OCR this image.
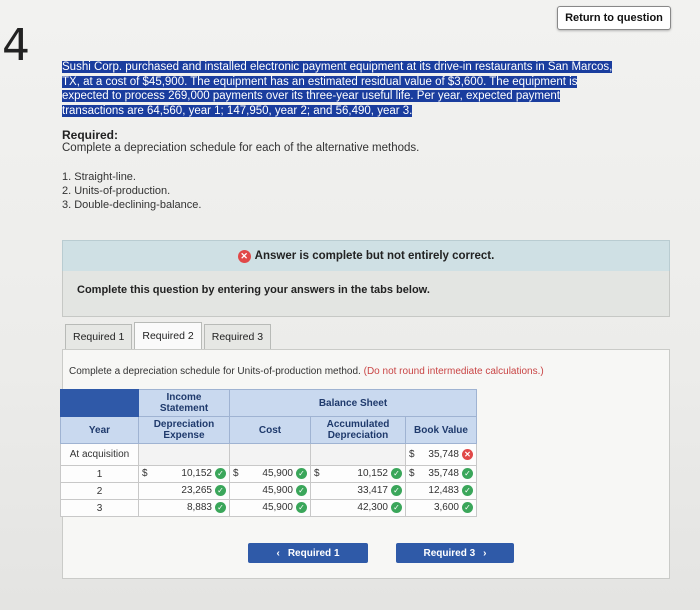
4
Return to question
Sushi Corp. purchased and installed electronic payment equipment at its drive-in restaurants in San Marcos,
TX, at a cost of $45,900. The equipment has an estimated residual value of $3,600. The equipment is
expected to process 269,000 payments over its three-year useful life. Per year, expected payment
transactions are 64,560, year 1; 147,950, year 2; and 56,490, year 3.
Required:
Complete a depreciation schedule for each of the alternative methods.
1. Straight-line.
2. Units-of-production.
3. Double-declining-balance.
✕ Answer is complete but not entirely correct.
Complete this question by entering your answers in the tabs below.
Required 1	Required 2	Required 3
Complete a depreciation schedule for Units-of-production method. (Do not round intermediate calculations.)
	Income Statement	Balance Sheet		
Year	Depreciation Expense	Cost	Accumulated Depreciation	Book Value
At acquisition				$ 35,748 ✕
1	$ 10,152 ✓	$ 45,900 ✓	$ 10,152 ✓	$ 35,748 ✓
2	23,265 ✓	45,900 ✓	33,417 ✓	12,483 ✓
3	8,883 ✓	45,900 ✓	42,300 ✓	3,600 ✓
‹ Required 1	Required 3 ›
